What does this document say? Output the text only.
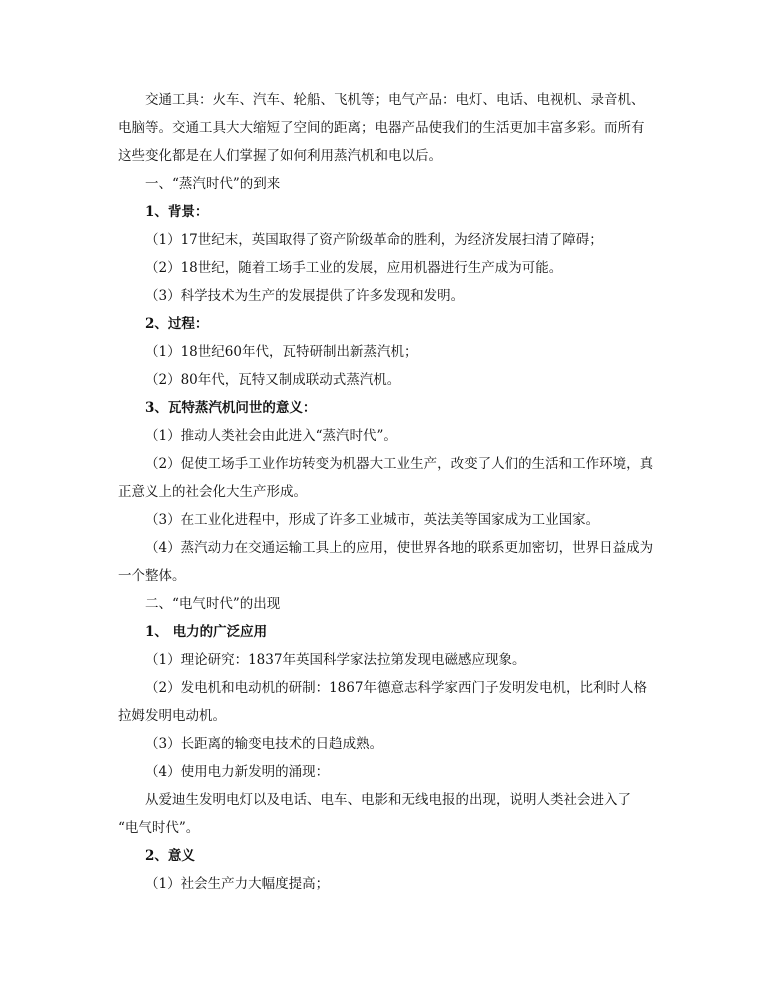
交通工具：火车、汽车、轮船、飞机等；电气产品：电灯、电话、电视机、录音机、
电脑等。交通工具大大缩短了空间的距离；电器产品使我们的生活更加丰富多彩。而所有
这些变化都是在人们掌握了如何利用蒸汽机和电以后。
一、“蒸汽时代”的到来
1、背景：
（1）17世纪末，英国取得了资产阶级革命的胜利，为经济发展扫清了障碍；
（2）18世纪，随着工场手工业的发展，应用机器进行生产成为可能。
（3）科学技术为生产的发展提供了许多发现和发明。
2、过程：
（1）18世纪60年代，瓦特研制出新蒸汽机；
（2）80年代，瓦特又制成联动式蒸汽机。
3、瓦特蒸汽机问世的意义：
（1）推动人类社会由此进入“蒸汽时代”。
（2）促使工场手工业作坊转变为机器大工业生产，改变了人们的生活和工作环境，真
正意义上的社会化大生产形成。
（3）在工业化进程中，形成了许多工业城市，英法美等国家成为工业国家。
（4）蒸汽动力在交通运输工具上的应用，使世界各地的联系更加密切，世界日益成为
一个整体。
二、“电气时代”的出现
1、 电力的广泛应用
（1）理论研究：1837年英国科学家法拉第发现电磁感应现象。
（2）发电机和电动机的研制：1867年德意志科学家西门子发明发电机，比利时人格
拉姆发明电动机。
（3）长距离的输变电技术的日趋成熟。
（4）使用电力新发明的涌现：
从爱迪生发明电灯以及电话、电车、电影和无线电报的出现，说明人类社会进入了
“电气时代”。
2、意义
（1）社会生产力大幅度提高；
